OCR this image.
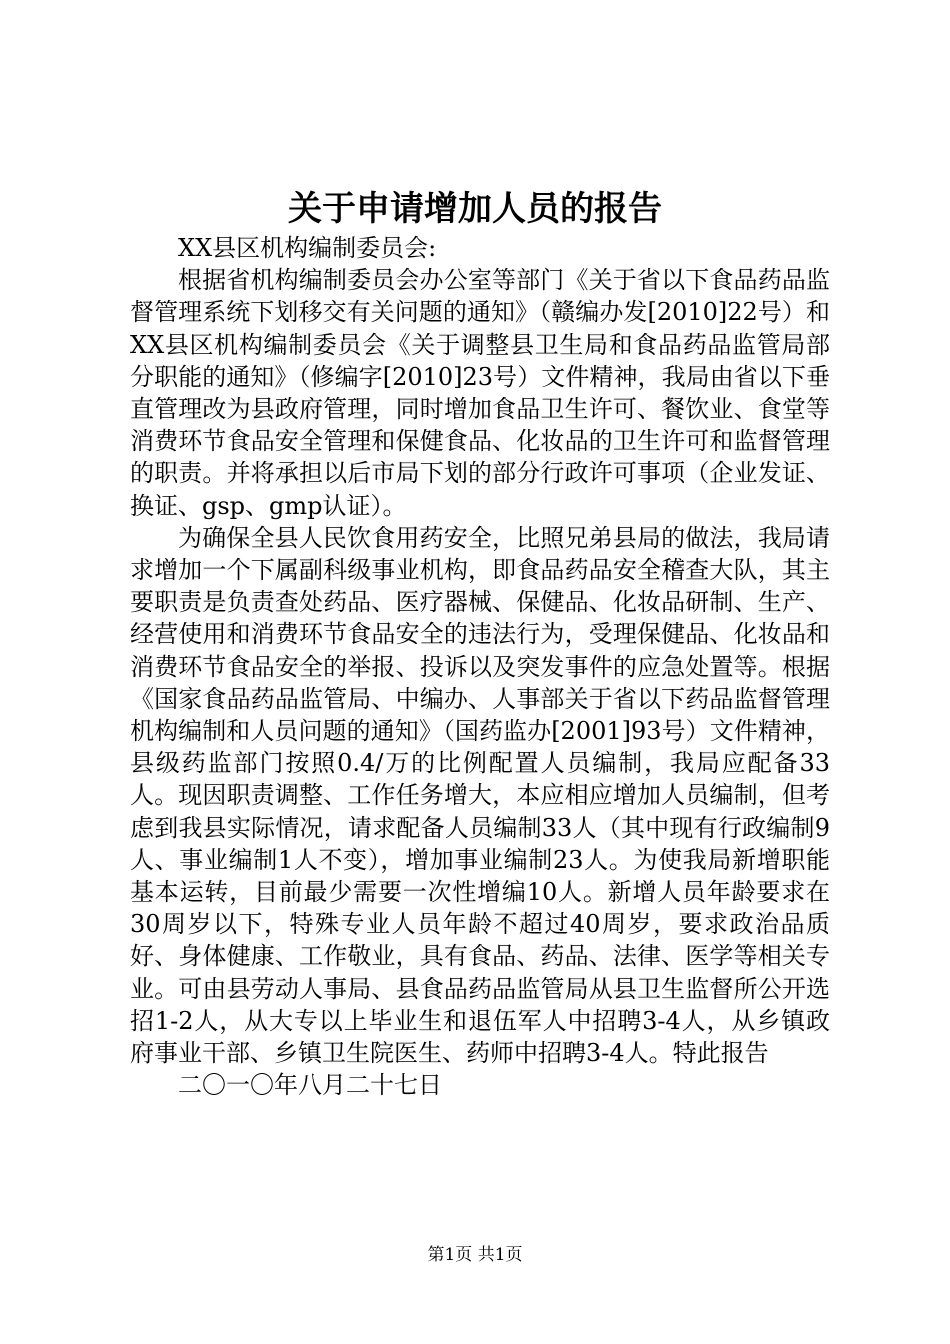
关于申请增加人员的报告

XX县区机构编制委员会:

根据省机构编制委员会办公室等部门《关于省以下食品药品监督管理系统下划移交有关问题的通知》（赣编办发[2010]22号）和XX县区机构编制委员会《关于调整县卫生局和食品药品监管局部分职能的通知》（修编字[2010]23号）文件精神，我局由省以下垂直管理改为县政府管理，同时增加食品卫生许可、餐饮业、食堂等消费环节食品安全管理和保健食品、化妆品的卫生许可和监督管理的职责。并将承担以后市局下划的部分行政许可事项（企业发证、换证、gsp、gmp认证）。

为确保全县人民饮食用药安全，比照兄弟县局的做法，我局请求增加一个下属副科级事业机构，即食品药品安全稽查大队，其主要职责是负责查处药品、医疗器械、保健品、化妆品研制、生产、经营使用和消费环节食品安全的违法行为，受理保健品、化妆品和消费环节食品安全的举报、投诉以及突发事件的应急处置等。根据《国家食品药品监管局、中编办、人事部关于省以下药品监督管理机构编制和人员问题的通知》（国药监办[2001]93号）文件精神，县级药监部门按照0.4/万的比例配置人员编制，我局应配备33人。现因职责调整、工作任务增大，本应相应增加人员编制，但考虑到我县实际情况，请求配备人员编制33人（其中现有行政编制9人、事业编制1人不变），增加事业编制23人。为使我局新增职能基本运转，目前最少需要一次性增编10人。新增人员年龄要求在30周岁以下，特殊专业人员年龄不超过40周岁，要求政治品质好、身体健康、工作敬业，具有食品、药品、法律、医学等相关专业。可由县劳动人事局、县食品药品监管局从县卫生监督所公开选招1-2人，从大专以上毕业生和退伍军人中招聘3-4人，从乡镇政府事业干部、乡镇卫生院医生、药师中招聘3-4人。特此报告

二〇一〇年八月二十七日

第1页 共1页
